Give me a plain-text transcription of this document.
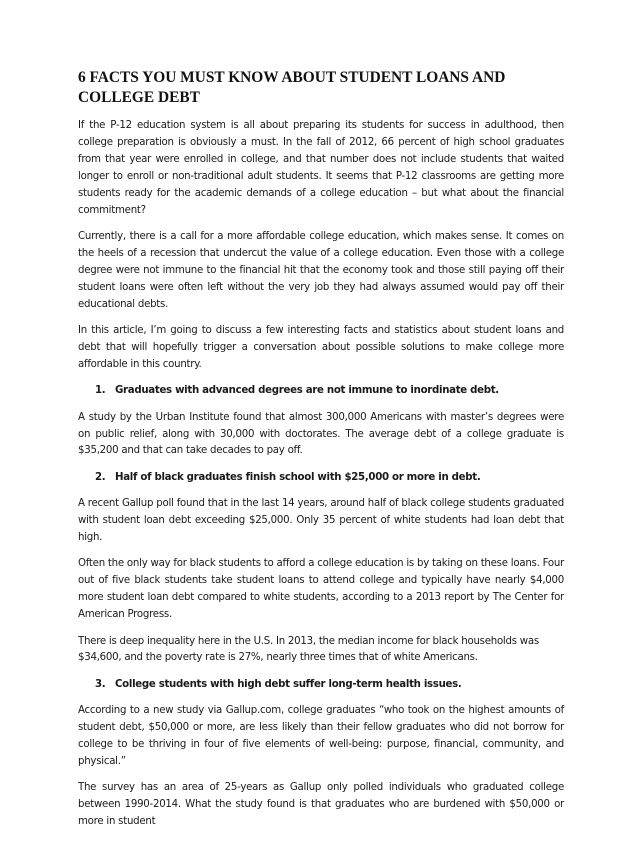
6 FACTS YOU MUST KNOW ABOUT STUDENT LOANS AND COLLEGE DEBT

If the P-12 education system is all about preparing its students for success in adulthood, then college preparation is obviously a must. In the fall of 2012, 66 percent of high school graduates from that year were enrolled in college, and that number does not include students that waited longer to enroll or non-traditional adult students. It seems that P-12 classrooms are getting more students ready for the academic demands of a college education – but what about the financial commitment?

Currently, there is a call for a more affordable college education, which makes sense. It comes on the heels of a recession that undercut the value of a college education. Even those with a college degree were not immune to the financial hit that the economy took and those still paying off their student loans were often left without the very job they had always assumed would pay off their educational debts.

In this article, I’m going to discuss a few interesting facts and statistics about student loans and debt that will hopefully trigger a conversation about possible solutions to make college more affordable in this country.

1. Graduates with advanced degrees are not immune to inordinate debt.

A study by the Urban Institute found that almost 300,000 Americans with master’s degrees were on public relief, along with 30,000 with doctorates. The average debt of a college graduate is $35,200 and that can take decades to pay off.

2. Half of black graduates finish school with $25,000 or more in debt.

A recent Gallup poll found that in the last 14 years, around half of black college students graduated with student loan debt exceeding $25,000. Only 35 percent of white students had loan debt that high.

Often the only way for black students to afford a college education is by taking on these loans. Four out of five black students take student loans to attend college and typically have nearly $4,000 more student loan debt compared to white students, according to a 2013 report by The Center for American Progress.

There is deep inequality here in the U.S. In 2013, the median income for black households was $34,600, and the poverty rate is 27%, nearly three times that of white Americans.

3. College students with high debt suffer long-term health issues.

According to a new study via Gallup.com, college graduates “who took on the highest amounts of student debt, $50,000 or more, are less likely than their fellow graduates who did not borrow for college to be thriving in four of five elements of well-being: purpose, financial, community, and physical.”

The survey has an area of 25-years as Gallup only polled individuals who graduated college between 1990-2014. What the study found is that graduates who are burdened with $50,000 or more in student
